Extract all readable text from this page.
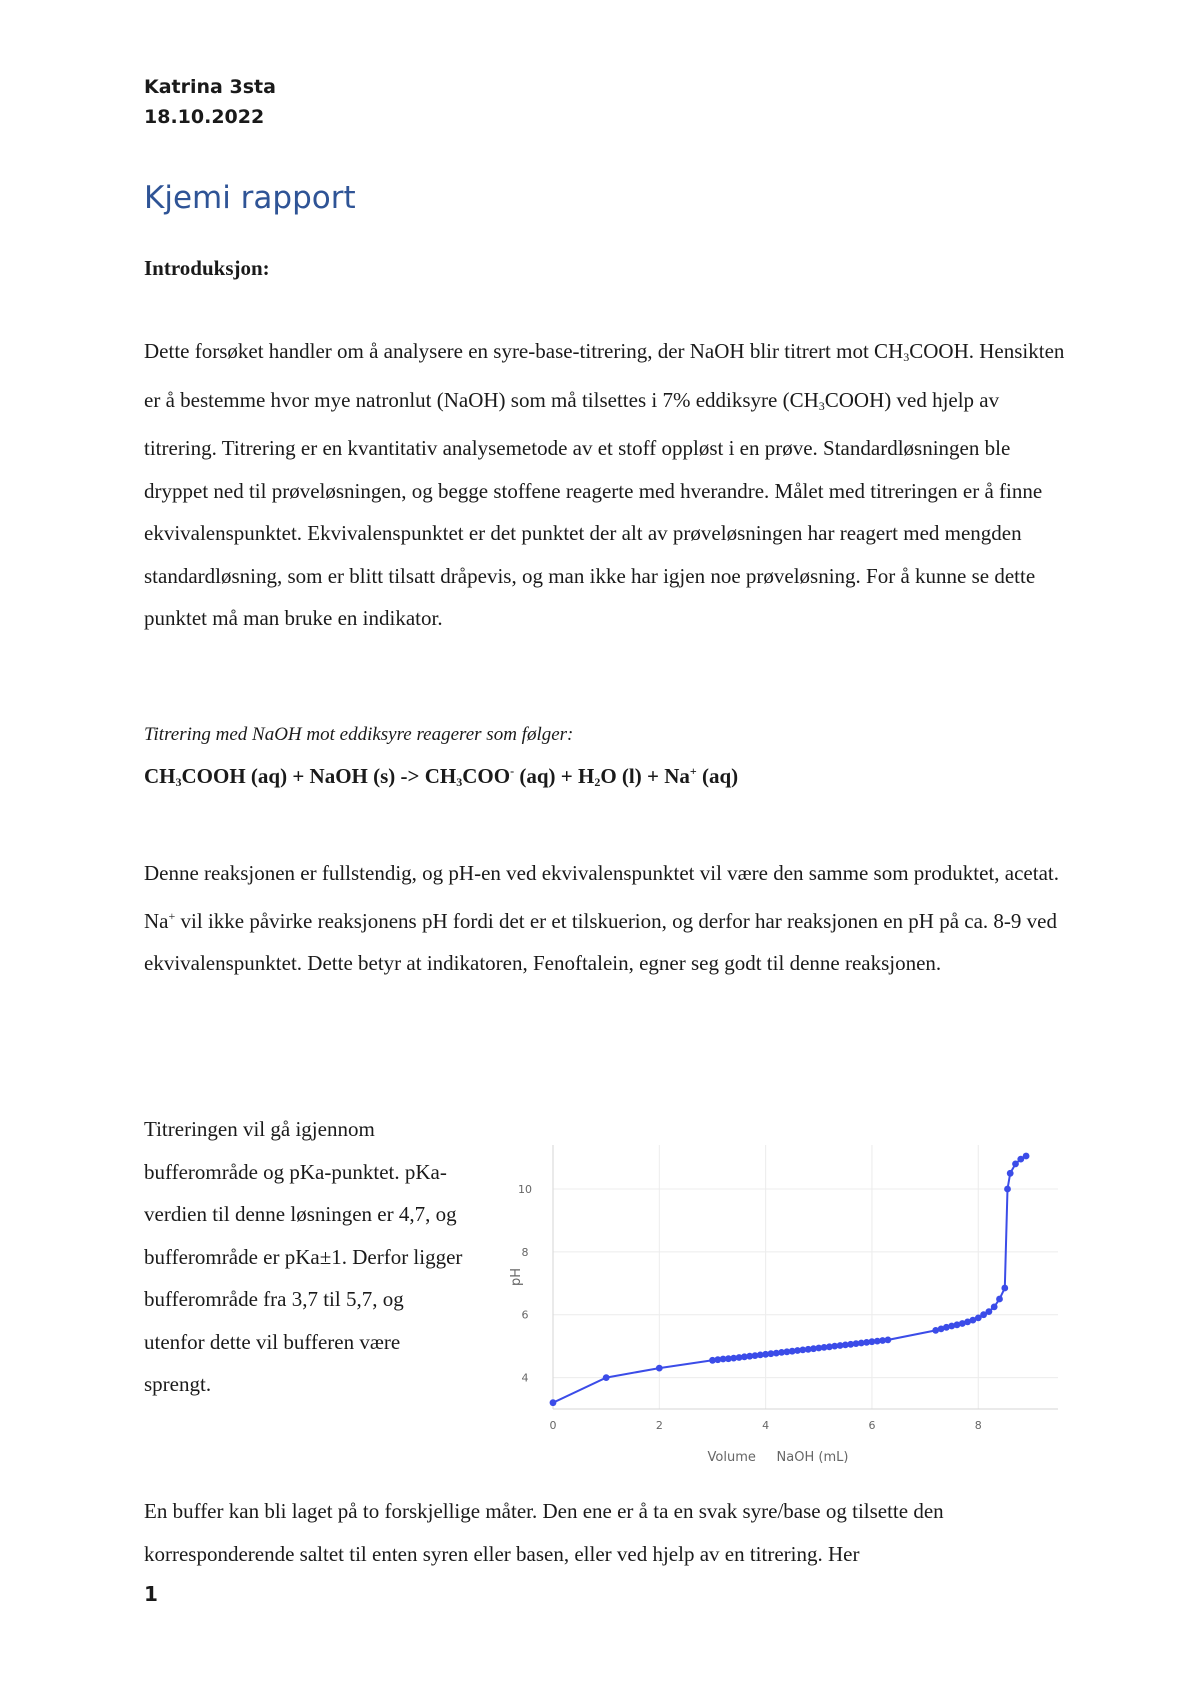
Katrina 3sta
18.10.2022
Kjemi rapport
Introduksjon:

Dette forsøket handler om å analysere en syre-base-titrering, der NaOH blir titrert mot $CH_3COOH$. Hensikten er å bestemme hvor mye natronlut (NaOH) som må tilsettes i 7% eddiksyre $(CH_3COOH)$ ved hjelp av titrering. Titrering er en kvantitativ analysemetode av et stoff oppløst i en prøve. Standardløsningen ble dryppet ned til prøveløsningen, og begge stoffene reagerte med hverandre. Målet med titreringen er å finne ekvivalenspunktet. Ekvivalenspunktet er det punktet der alt av prøveløsningen har reagert med mengden standardløsning, som er blitt tilsatt dråpevis, og man ikke har igjen noe prøveløsning. For å kunne se dette punktet må man bruke en indikator.

Titrering med NaOH mot eddiksyre reagerer som følger:
$CH_3COOH$ (aq) + NaOH $(s) -> CH_3COO^-$ $(aq) + H_2O$ (l) + Na+ (aq)

Denne reaksjonen er fullstendig, og pH-en ved ekvivalenspunktet vil være den samme som produktet, acetat. Na+ vil ikke påvirke reaksjonens pH fordi det er et tilskuerion, og derfor har reaksjonen en pH på ca. 8-9 ved ekvivalenspunktet. Dette betyr at indikatoren, Fenoftalein, egner seg godt til denne reaksjonen.

Titreringen vil gå igjennom bufferområde og pKa-punktet. pKa- verdien til denne løsningen er 4,7, og bufferområde er pKa±1. Derfor ligger bufferområde fra 3,7 til 5,7, og utenfor dette vil bufferen være sprengt.

0	2	4	6	8
4
6
8
10
Volume     NaOH (mL)
pH

En buffer kan bli laget på to forskjellige måter. Den ene er å ta en svak syre/base og tilsette den korresponderende saltet til enten syren eller basen, eller ved hjelp av en titrering. Her

1
